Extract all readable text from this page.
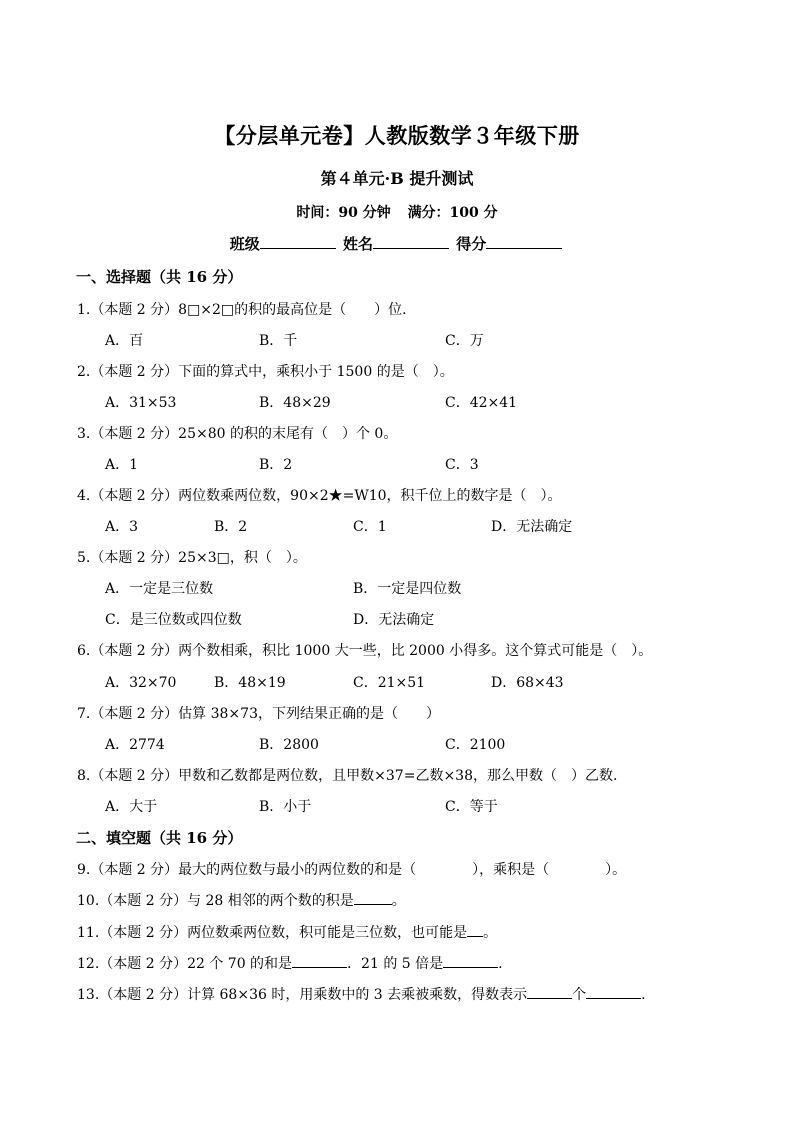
【分层单元卷】人教版数学３年级下册
第４单元·B 提升测试
时间：90 分钟 满分：100 分
班级	姓名	得分
一、选择题（共 16 分）
1.（本题 2 分）8□×2□的积的最高位是（　　）位.
A．百	B．千	C．万
2.（本题 2 分）下面的算式中，乘积小于 1500 的是（　）。
A．31×53	B．48×29	C．42×41
3.（本题 2 分）25×80 的积的末尾有（　）个 0。
A．1	B．2	C．3
4.（本题 2 分）两位数乘两位数，90×2★=W10，积千位上的数字是（　）。
A．3	B．2	C．1	D．无法确定
5.（本题 2 分）25×3□，积（　）。
A．一定是三位数	B．一定是四位数
C．是三位数或四位数	D．无法确定
6.（本题 2 分）两个数相乘，积比 1000 大一些，比 2000 小得多。这个算式可能是（　）。
A．32×70	B．48×19	C．21×51	D．68×43
7.（本题 2 分）估算 38×73，下列结果正确的是（　　）
A．2774	B．2800	C．2100
8.（本题 2 分）甲数和乙数都是两位数，且甲数×37=乙数×38，那么甲数（　）乙数.
A．大于	B．小于	C．等于
二、填空题（共 16 分）
9.（本题 2 分）最大的两位数与最小的两位数的和是（　　　　），乘积是（　　　　）。
10.（本题 2 分）与 28 相邻的两个数的积是	。
11.（本题 2 分）两位数乘两位数，积可能是三位数，也可能是 。
12.（本题 2 分）22 个 70 的和是	．21 的 5 倍是	.
13.（本题 2 分）计算 68×36 时，用乘数中的 3 去乘被乘数，得数表示	个	.
